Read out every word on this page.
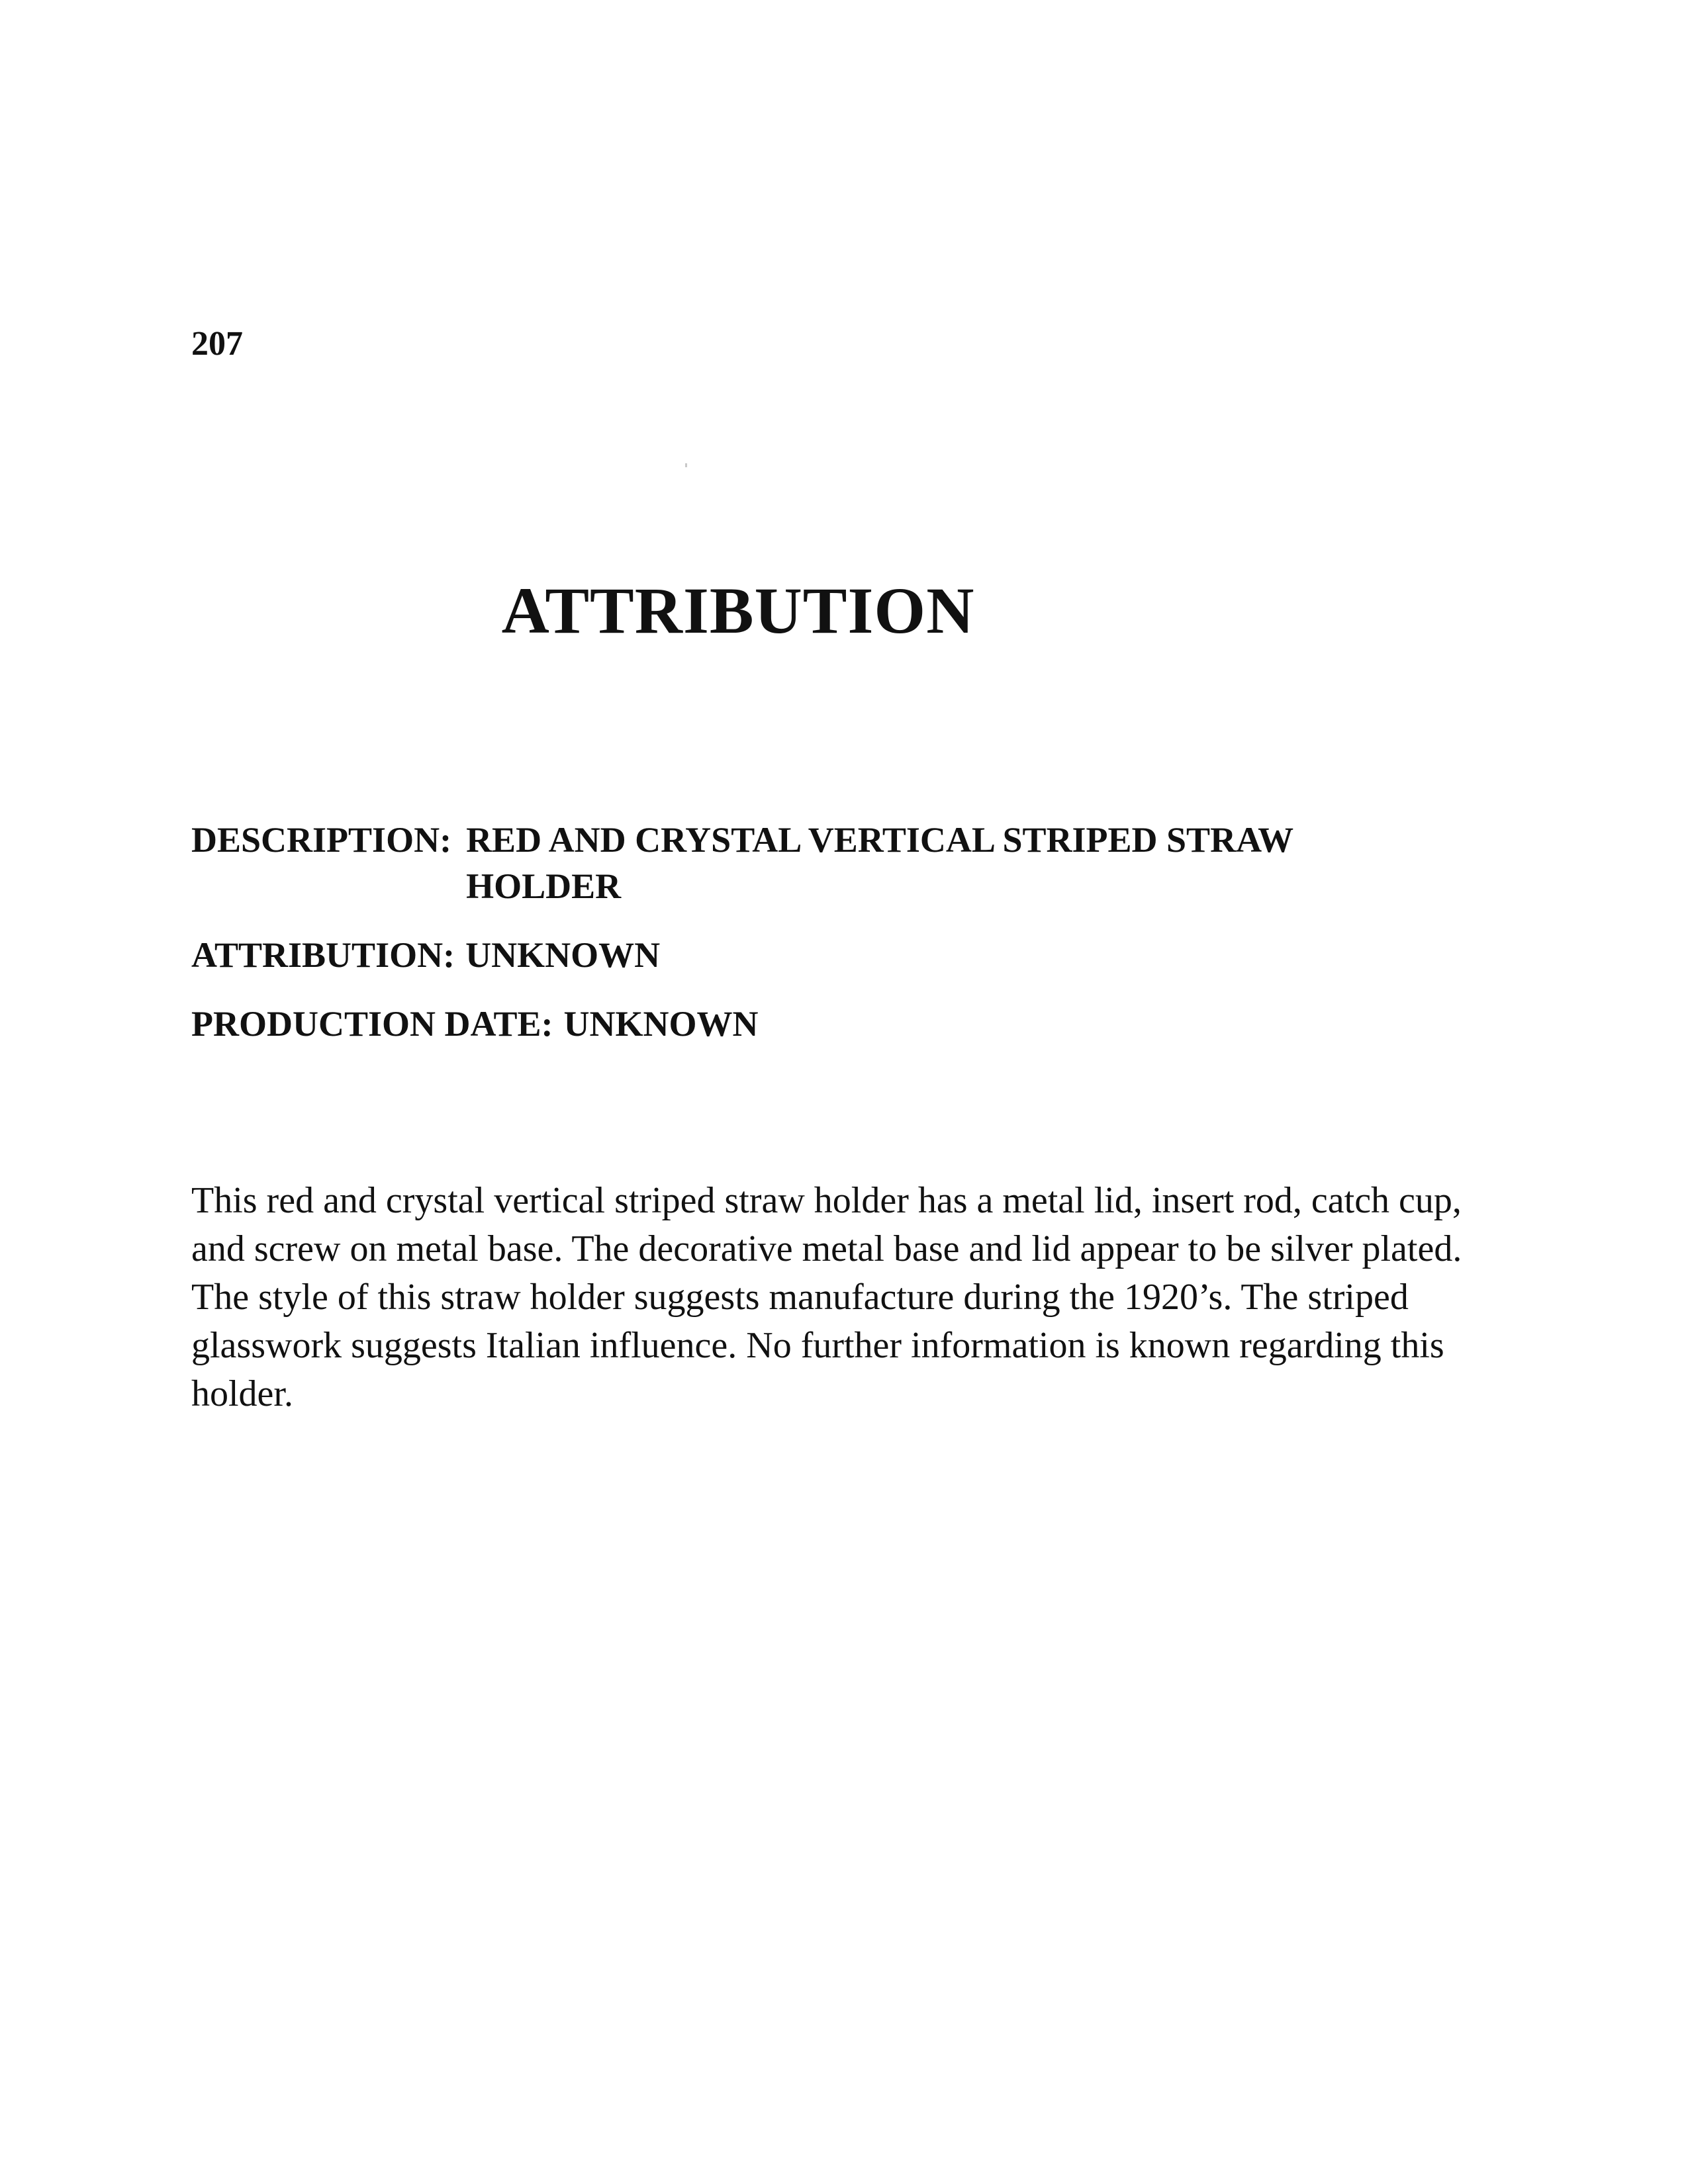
207
ATTRIBUTION
DESCRIPTION: RED AND CRYSTAL VERTICAL STRIPED STRAW HOLDER
ATTRIBUTION: UNKNOWN
PRODUCTION DATE: UNKNOWN

This red and crystal vertical striped straw holder has a metal lid, insert rod, catch cup, and screw on metal base. The decorative metal base and lid appear to be silver plated. The style of this straw holder suggests manufacture during the 1920’s. The striped glasswork suggests Italian influence. No further information is known regarding this holder.
